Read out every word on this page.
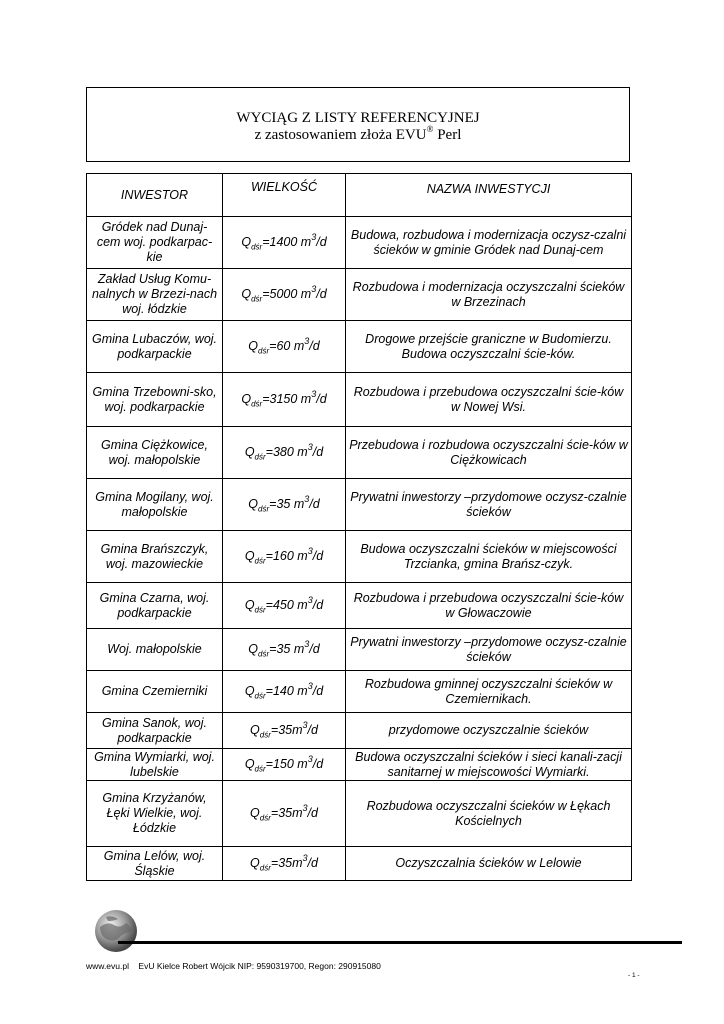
WYCIĄG Z LISTY REFERENCYJNEJ
z zastosowaniem złoża EVU® Perl
INWESTOR	WIELKOŚĆ	NAZWA INWESTYCJI
Gródek nad Dunaj-cem woj. podkarpac-kie	$Q_{dśr}=1400$ $m^3/d$	Budowa, rozbudowa i modernizacja oczysz-czalni ścieków w gminie Gródek nad Dunaj-cem
Zakład Usług Komu-nalnych w Brzezi-nach woj. łódzkie	$Q_{dśr}=5000$ $m^3/d$	Rozbudowa i modernizacja oczyszczalni ścieków w Brzezinach
Gmina Lubaczów, woj. podkarpackie	$Q_{dśr}=60$ $m^3/d$	Drogowe przejście graniczne w Budomierzu. Budowa oczyszczalni ście-ków.
Gmina Trzebowni-sko, woj. podkarpackie	$Q_{dśr}=3150$ $m^3/d$	Rozbudowa i przebudowa oczyszczalni ście-ków w Nowej Wsi.
Gmina Ciężkowice, woj. małopolskie	$Q_{dśr}=380$ $m^3/d$	Przebudowa i rozbudowa oczyszczalni ście-ków w Ciężkowicach
Gmina Mogilany, woj. małopolskie	$Q_{dśr}=35$ $m^3/d$	Prywatni inwestorzy –przydomowe oczysz-czalnie ścieków
Gmina Brańszczyk, woj. mazowieckie	$Q_{dśr}=160$ $m^3/d$	Budowa oczyszczalni ścieków w miejscowości Trzcianka, gmina Brańsz-czyk.
Gmina Czarna, woj. podkarpackie	$Q_{dśr}=450$ $m^3/d$	Rozbudowa i przebudowa oczyszczalni ście-ków w Głowaczowie
Woj. małopolskie	$Q_{dśr}=35$ $m^3/d$	Prywatni inwestorzy –przydomowe oczysz-czalnie ścieków
Gmina Czemierniki	$Q_{dśr}=140$ $m^3/d$	Rozbudowa gminnej oczyszczalni ścieków w Czemiernikach.
Gmina Sanok, woj. podkarpackie	$Q_{dśr}=35m^3/d$	przydomowe oczyszczalnie ścieków
Gmina Wymiarki, woj. lubelskie	$Q_{dśr}=150$ $m^3/d$	Budowa oczyszczalni ścieków i sieci kanali-zacji sanitarnej w miejscowości Wymiarki.
Gmina Krzyżanów, Łęki Wielkie, woj. Łódzkie	$Q_{dśr}=35m^3/d$	Rozbudowa oczyszczalni ścieków w Łękach Kościelnych
Gmina Lelów, woj. Śląskie	$Q_{dśr}=35m^3/d$	Oczyszczalnia ścieków w Lelowie
www.evu.pl    EvU Kielce Robert Wójcik NIP: 9590319700, Regon: 290915080
- 1 -
